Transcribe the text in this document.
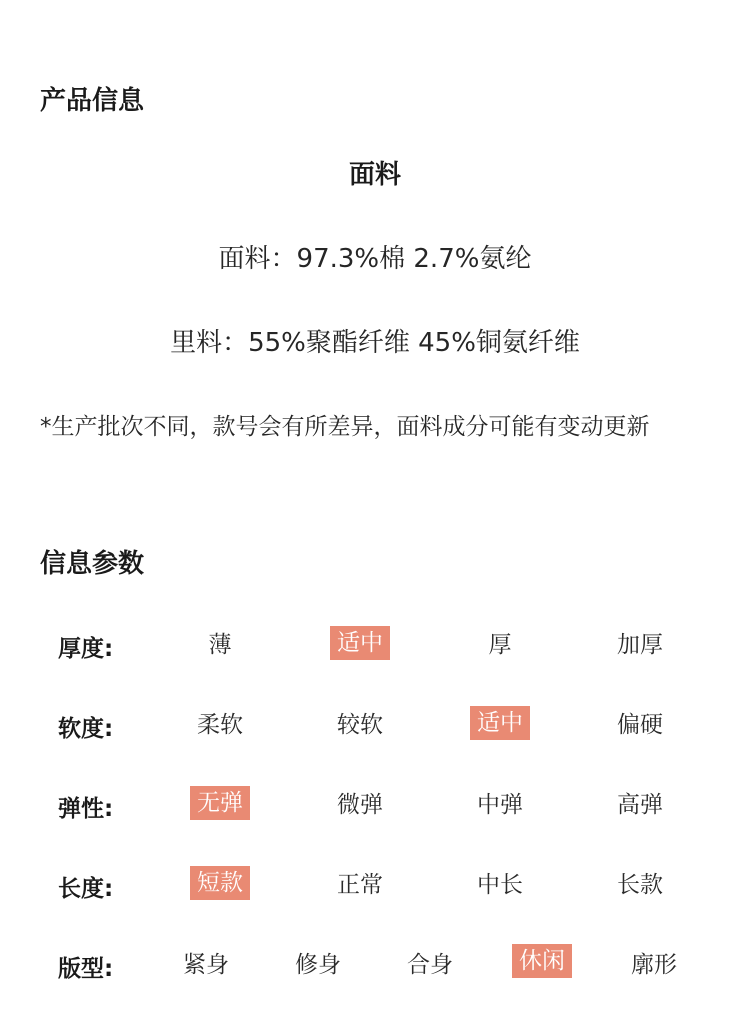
产品信息
面料
面料：97.3%棉 2.7%氨纶
里料：55%聚酯纤维 45%铜氨纤维
*生产批次不同，款号会有所差异，面料成分可能有变动更新
信息参数
厚度:	薄	适中	厚	加厚
软度:	柔软	较软	适中	偏硬
弹性:	无弹	微弹	中弹	高弹
长度:	短款	正常	中长	长款
版型:	紧身	修身	合身	休闲	廓形
